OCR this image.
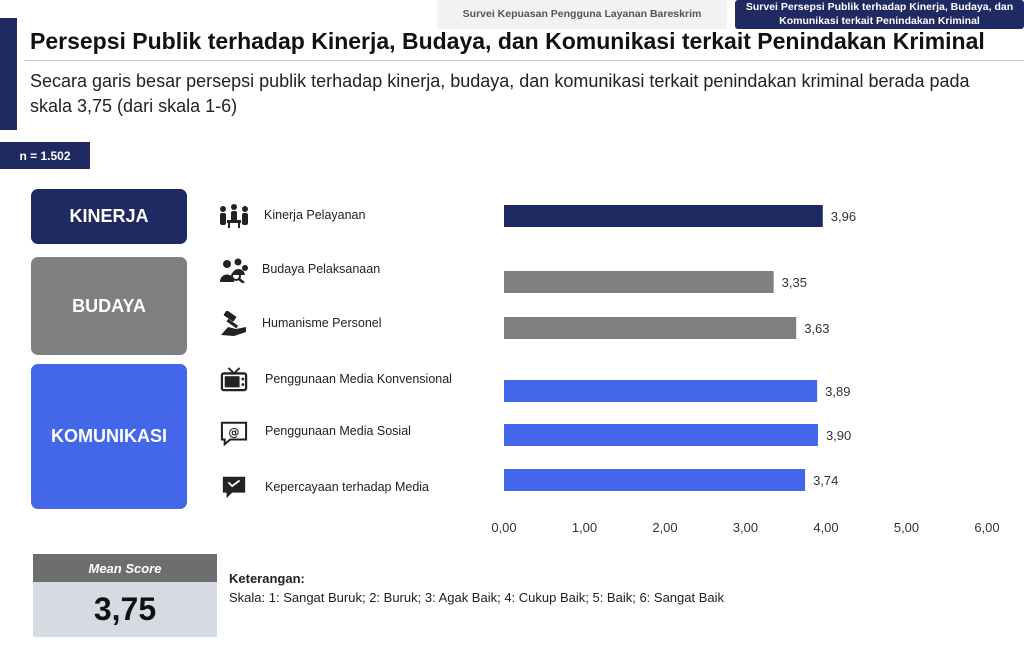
Survei Kepuasan Pengguna Layanan Bareskrim
Survei Persepsi Publik terhadap Kinerja, Budaya, dan Komunikasi terkait Penindakan Kriminal
Persepsi Publik terhadap Kinerja, Budaya, dan Komunikasi terkait Penindakan Kriminal
Secara garis besar persepsi publik terhadap kinerja, budaya, dan komunikasi terkait penindakan kriminal berada pada skala 3,75 (dari skala 1-6)
n = 1.502
KINERJA
BUDAYA
KOMUNIKASI	@
Kinerja Pelayanan
Budaya Pelaksanaan
Humanisme Personel
Penggunaan Media Konvensional
Penggunaan Media Sosial
Kepercayaan terhadap Media
3,96
3,35
3,63
3,89
3,90
3,74
0,00	1,00	2,00	3,00	4,00	5,00	6,00
Mean Score
3,75
Keterangan:
Skala: 1: Sangat Buruk; 2: Buruk; 3: Agak Baik; 4: Cukup Baik; 5: Baik; 6: Sangat Baik
